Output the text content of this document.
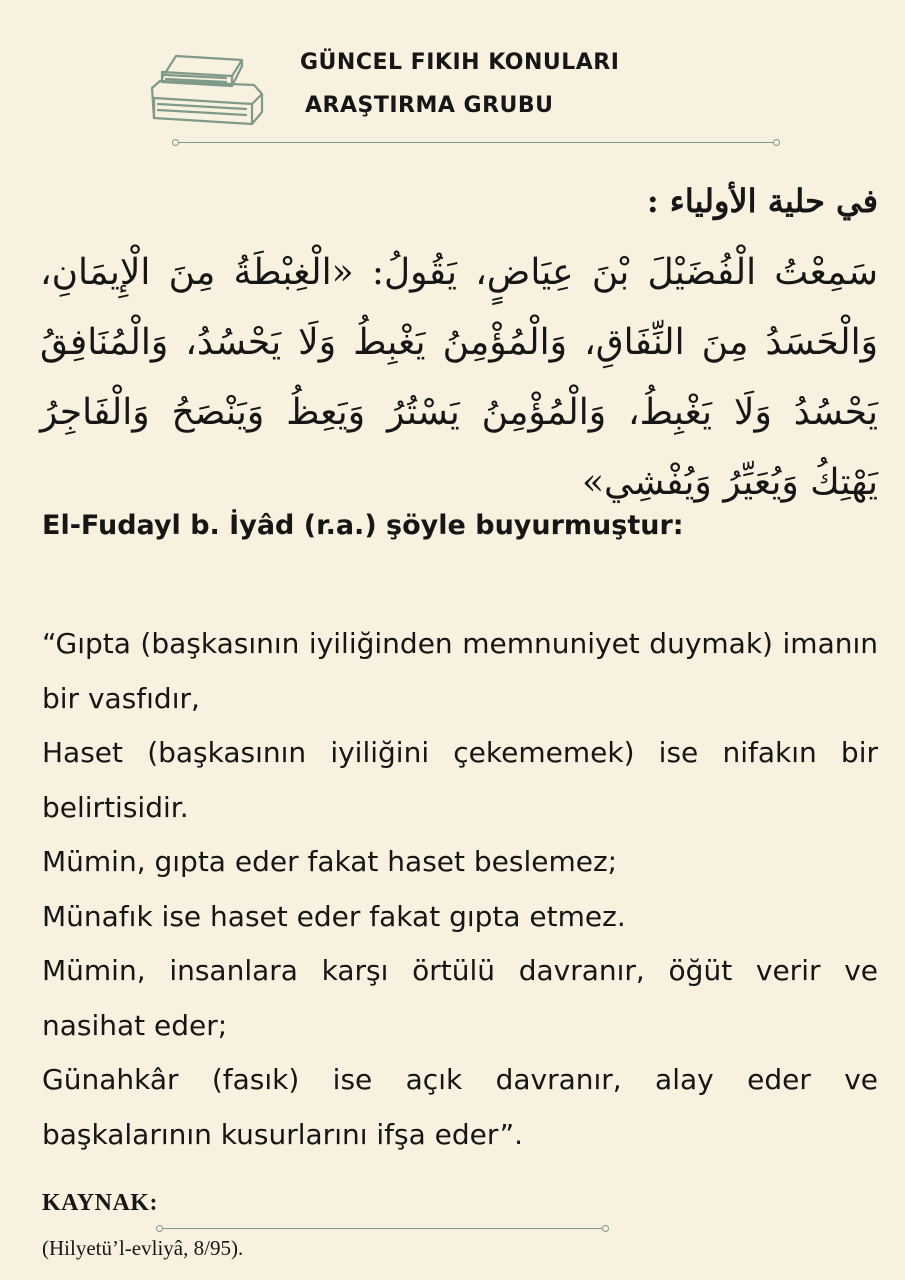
GÜNCEL FIKIH KONULARI
ARAŞTIRMA GRUBU
في حلية الأولياء :
سَمِعْتُ الْفُضَيْلَ بْنَ عِيَاضٍ، يَقُولُ: «الْغِبْطَةُ مِنَ الْإِيمَانِ، وَالْحَسَدُ مِنَ النِّفَاقِ، وَالْمُؤْمِنُ يَغْبِطُ وَلَا يَحْسُدُ، وَالْمُنَافِقُ يَحْسُدُ وَلَا يَغْبِطُ، وَالْمُؤْمِنُ يَسْتُرُ وَيَعِظُ وَيَنْصَحُ وَالْفَاجِرُ يَهْتِكُ وَيُعَيِّرُ وَيُفْشِي»
El-Fudayl b. İyâd (r.a.) şöyle buyurmuştur:

“Gıpta (başkasının iyiliğinden memnuniyet duymak) imanın bir vasfıdır,

Haset (başkasının iyiliğini çekememek) ise nifakın bir belirtisidir.

Mümin, gıpta eder fakat haset beslemez;

Münafık ise haset eder fakat gıpta etmez.

Mümin, insanlara karşı örtülü davranır, öğüt verir ve nasihat eder;

Günahkâr (fasık) ise açık davranır, alay eder ve başkalarının kusurlarını ifşa eder”.

KAYNAK:
(Hilyetü’l-evliyâ, 8/95).
